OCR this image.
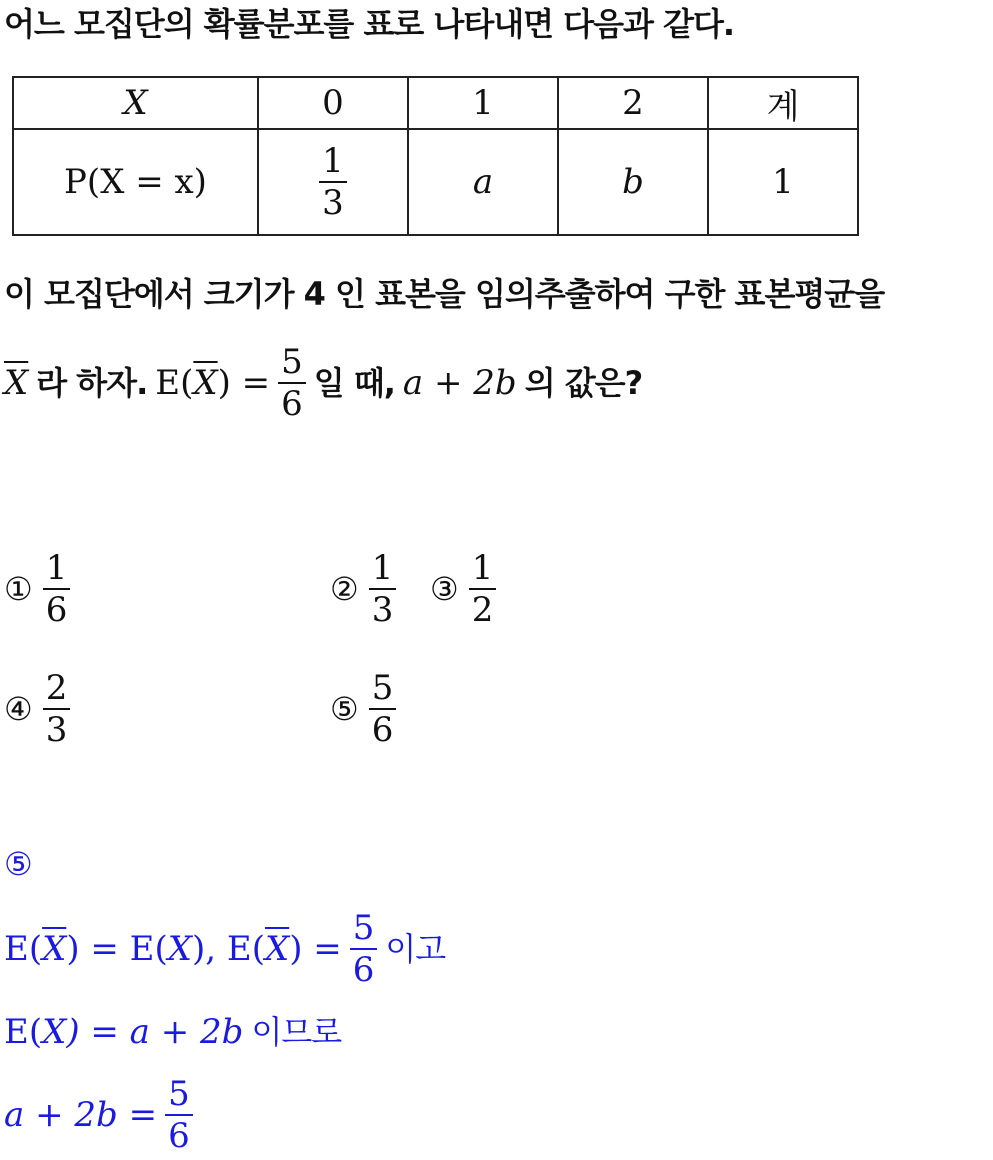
어느 모집단의 확률분포를 표로 나타내면 다음과 같다.
X	0	1	2	계
P(X = x)	$\frac{1}{3}$	a	b	1
이 모집단에서 크기가 4 인 표본을 임의추출하여 구한 표본평균을
$\overline{X}$ 라 하자. $E(\overline{X}) = \frac{5}{6}$ 일 때, a + 2b 의 값은?
① $\frac{1}{6}$	② $\frac{1}{3}$ ③ $\frac{1}{2}$
④ $\frac{2}{3}$	⑤ $\frac{5}{6}$
⑤
$E(\overline{X}) = E(X)$, $E(\overline{X}) = \frac{5}{6}$ 이고
E(X) = a + 2b 이므로
$a + 2b = \frac{5}{6}$
